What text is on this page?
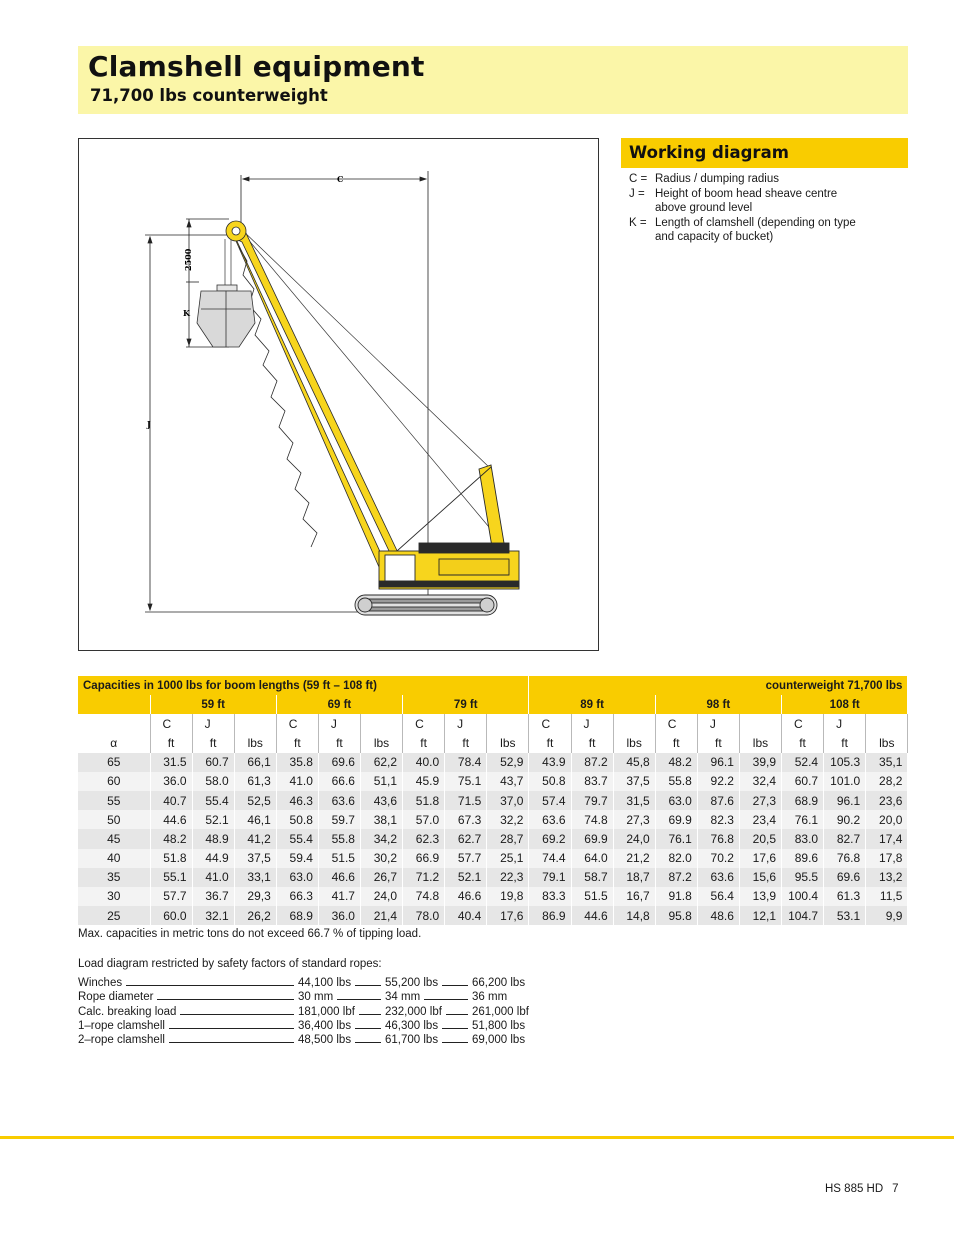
Clamshell equipment
71,700 lbs counterweight
C
J
2500
K
Working diagram
C = Radius / dumping radius
J = Height of boom head sheave centre
above ground level
K = Length of clamshell (depending on type
and capacity of bucket)
Capacities in 1000 lbs for boom lengths (59 ft – 108 ft)										counterweight 71,700 lbs								
	59 ft			69 ft			79 ft			89 ft			98 ft			108 ft		
	C	J		C	J		C	J		C	J		C	J		C	J	
α	ft	ft	lbs	ft	ft	lbs	ft	ft	lbs	ft	ft	lbs	ft	ft	lbs	ft	ft	lbs
65	31.5	60.7	66,1	35.8	69.6	62,2	40.0	78.4	52,9	43.9	87.2	45,8	48.2	96.1	39,9	52.4	105.3	35,1
60	36.0	58.0	61,3	41.0	66.6	51,1	45.9	75.1	43,7	50.8	83.7	37,5	55.8	92.2	32,4	60.7	101.0	28,2
55	40.7	55.4	52,5	46.3	63.6	43,6	51.8	71.5	37,0	57.4	79.7	31,5	63.0	87.6	27,3	68.9	96.1	23,6
50	44.6	52.1	46,1	50.8	59.7	38,1	57.0	67.3	32,2	63.6	74.8	27,3	69.9	82.3	23,4	76.1	90.2	20,0
45	48.2	48.9	41,2	55.4	55.8	34,2	62.3	62.7	28,7	69.2	69.9	24,0	76.1	76.8	20,5	83.0	82.7	17,4
40	51.8	44.9	37,5	59.4	51.5	30,2	66.9	57.7	25,1	74.4	64.0	21,2	82.0	70.2	17,6	89.6	76.8	17,8
35	55.1	41.0	33,1	63.0	46.6	26,7	71.2	52.1	22,3	79.1	58.7	18,7	87.2	63.6	15,6	95.5	69.6	13,2
30	57.7	36.7	29,3	66.3	41.7	24,0	74.8	46.6	19,8	83.3	51.5	16,7	91.8	56.4	13,9	100.4	61.3	11,5
25	60.0	32.1	26,2	68.9	36.0	21,4	78.0	40.4	17,6	86.9	44.6	14,8	95.8	48.6	12,1	104.7	53.1	9,9
Max. capacities in metric tons do not exceed 66.7 % of tipping load.
Load diagram restricted by safety factors of standard ropes:
Winches	44,100 lbs	55,200 lbs	66,200 lbs
Rope diameter	30 mm	34 mm	36 mm
Calc. breaking load	181,000 lbf	232,000 lbf	261,000 lbf
1–rope clamshell	36,400 lbs	46,300 lbs	51,800 lbs
2–rope clamshell	48,500 lbs	61,700 lbs	69,000 lbs
HS 885 HD 7
